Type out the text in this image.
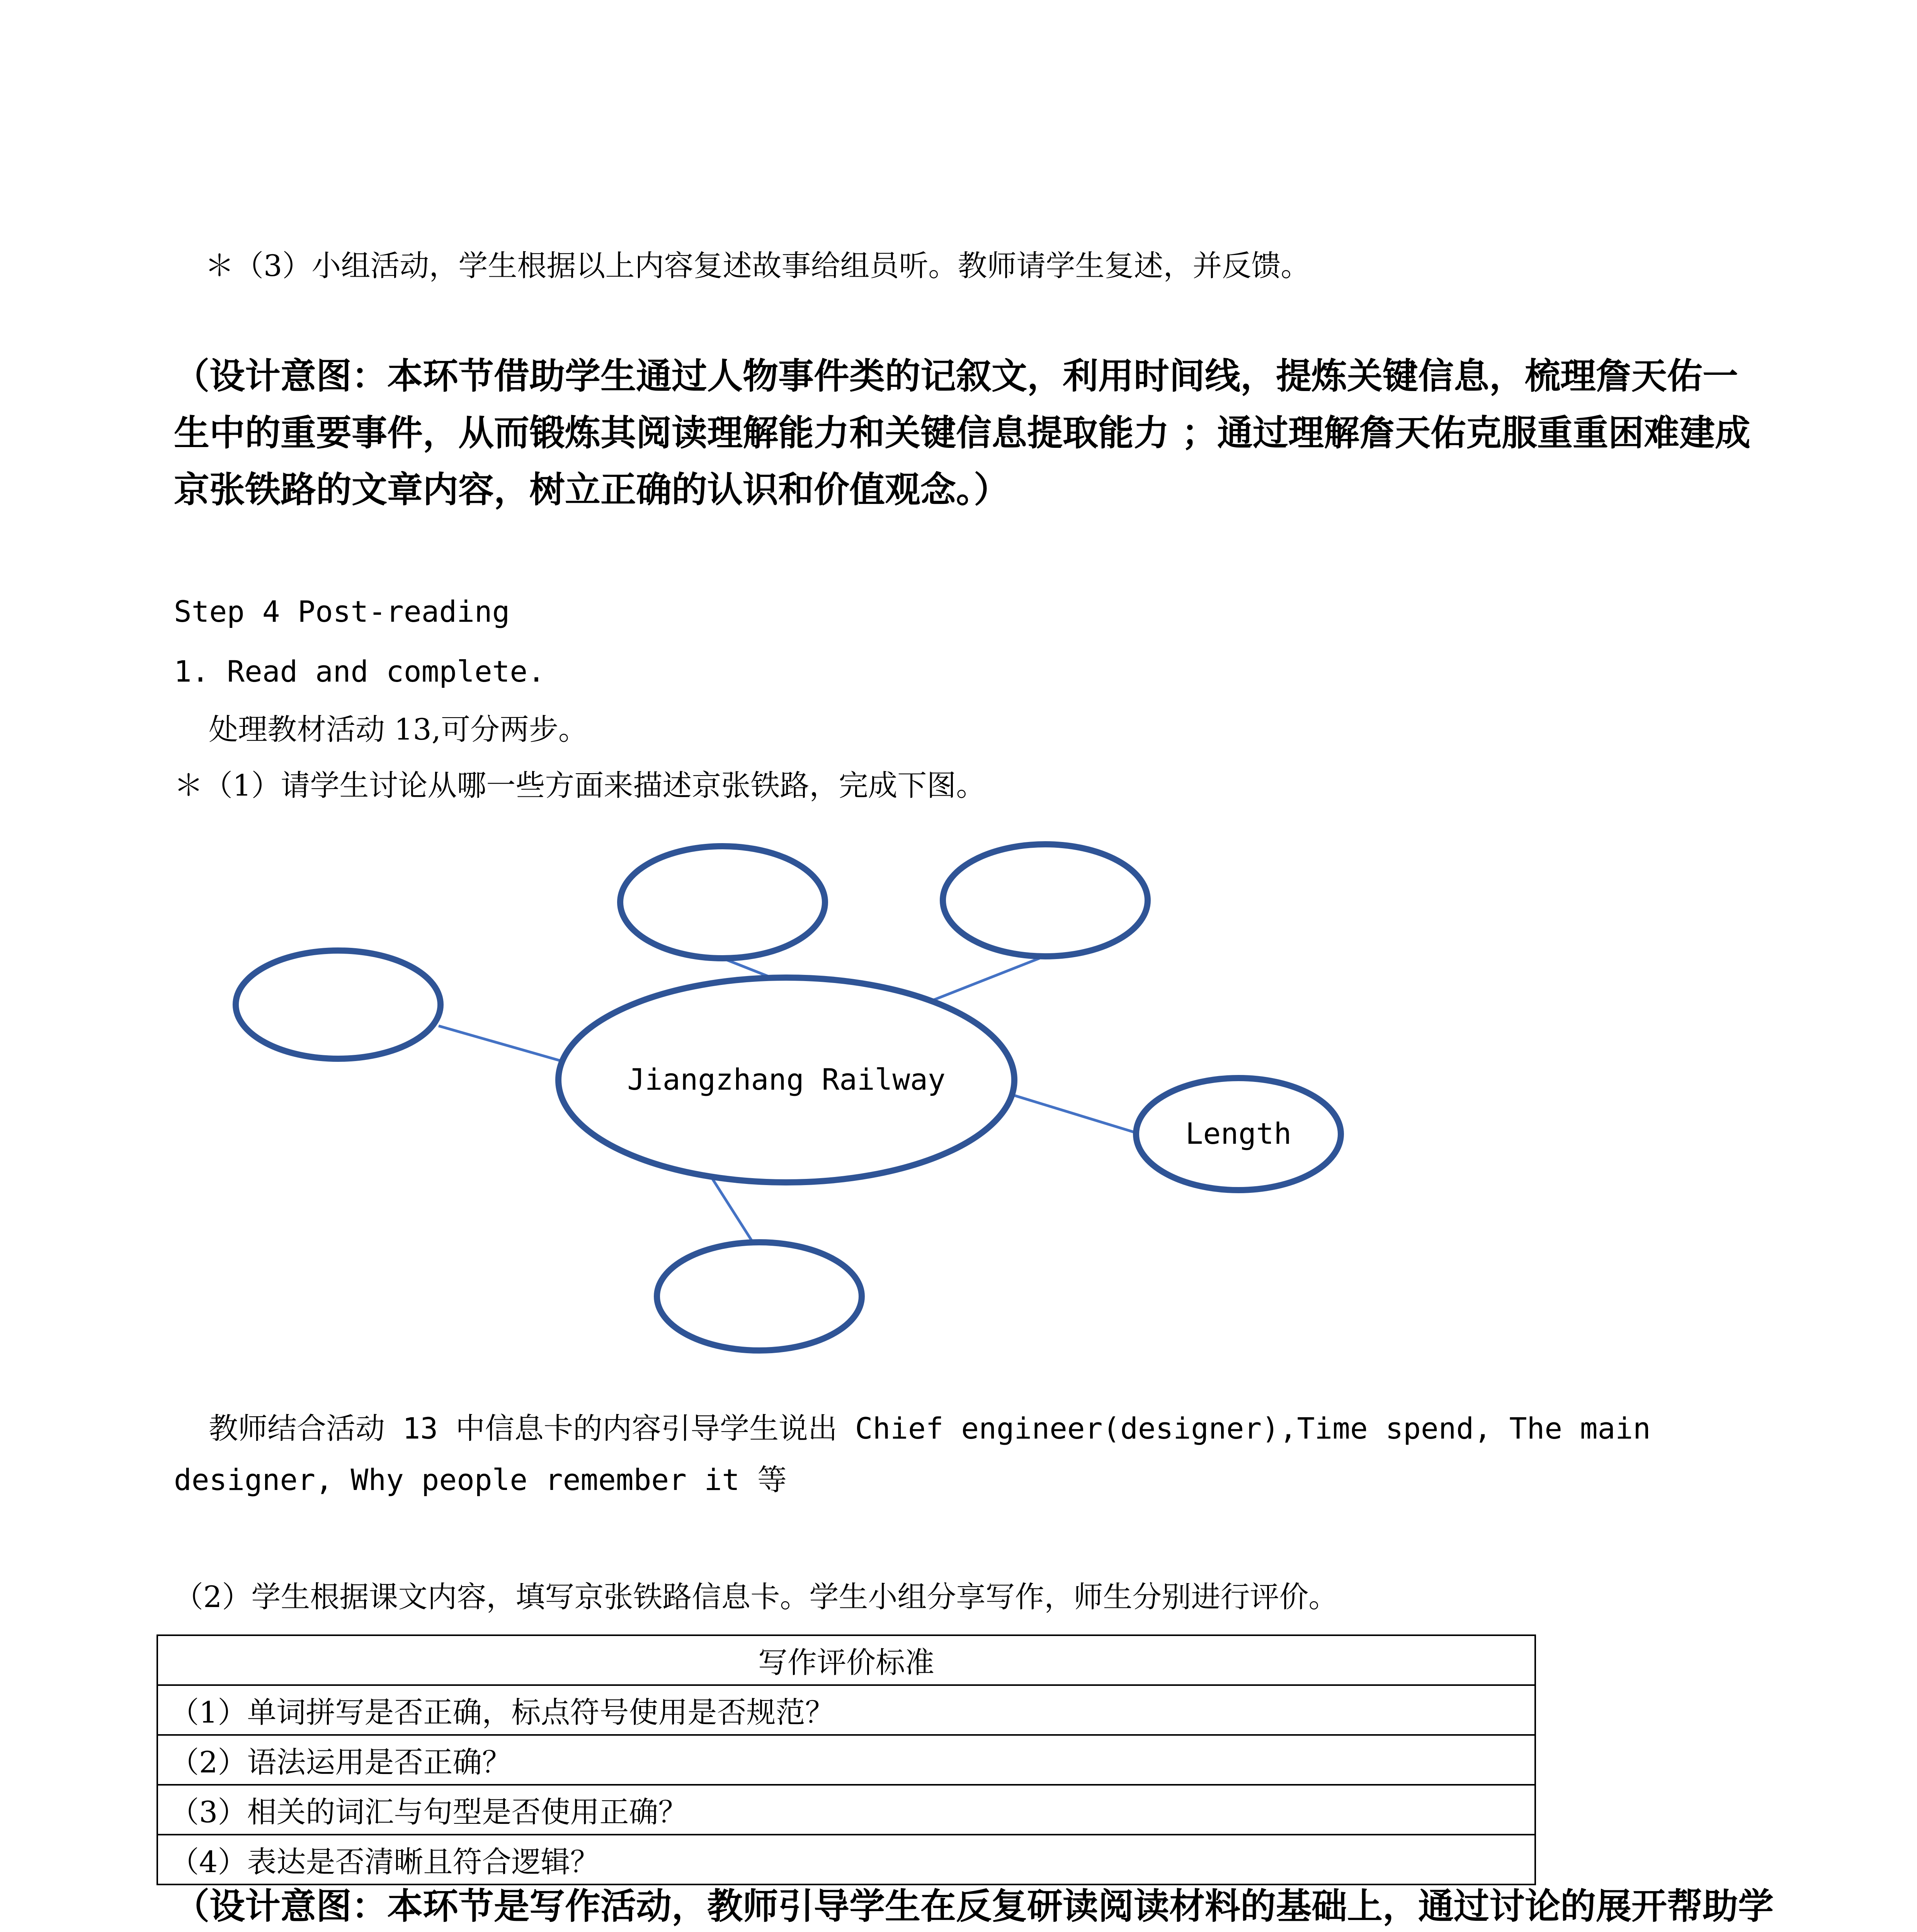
＊（3）小组活动，学生根据以上内容复述故事给组员听。教师请学生复述，并反馈。
（设计意图：本环节借助学生通过人物事件类的记叙文，利用时间线，提炼关键信息，梳理詹天佑一生中的重要事件，从而锻炼其阅读理解能力和关键信息提取能力 ；通过理解詹天佑克服重重困难建成京张铁路的文章内容，树立正确的认识和价值观念。）
Step 4 Post-reading
1. Read and complete.
处理教材活动 13,可分两步。
＊（1）请学生讨论从哪一些方面来描述京张铁路，完成下图。
Jiangzhang Railway
Length
教师结合活动 13 中信息卡的内容引导学生说出 Chief engineer(designer),Time spend, The main designer, Why people remember it 等
（2）学生根据课文内容，填写京张铁路信息卡。学生小组分享写作，师生分别进行评价。
写作评价标准
（1）单词拼写是否正确，标点符号使用是否规范？
（2）语法运用是否正确？
（3）相关的词汇与句型是否使用正确？
（4）表达是否清晰且符合逻辑？
（设计意图：本环节是写作活动，教师引导学生在反复研读阅读材料的基础上，通过讨论的展开帮助学
